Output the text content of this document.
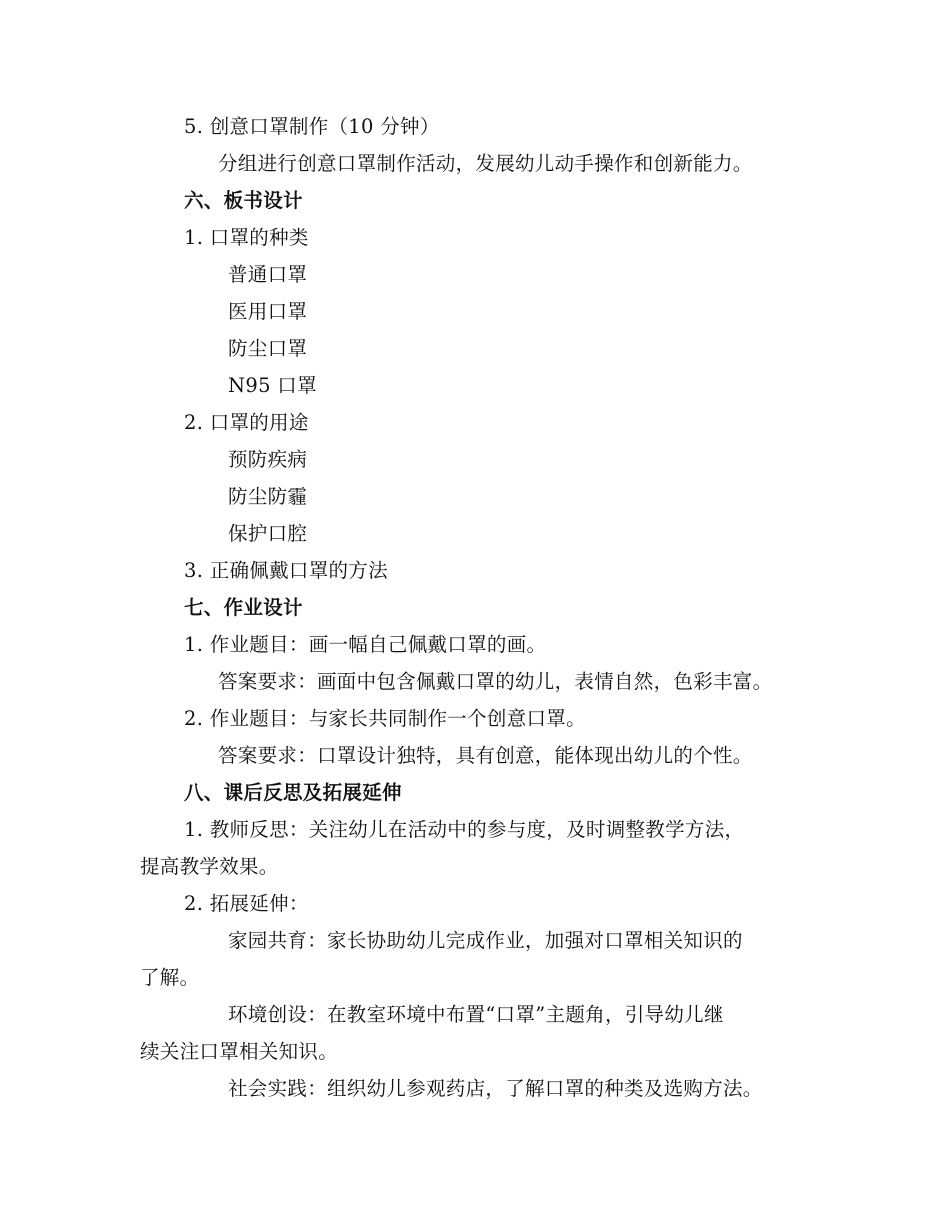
5. 创意口罩制作（10 分钟）
分组进行创意口罩制作活动，发展幼儿动手操作和创新能力。
六、板书设计
1. 口罩的种类
普通口罩
医用口罩
防尘口罩
N95 口罩
2. 口罩的用途
预防疾病
防尘防霾
保护口腔
3. 正确佩戴口罩的方法
七、作业设计
1. 作业题目：画一幅自己佩戴口罩的画。
答案要求：画面中包含佩戴口罩的幼儿，表情自然，色彩丰富。
2. 作业题目：与家长共同制作一个创意口罩。
答案要求：口罩设计独特，具有创意，能体现出幼儿的个性。
八、课后反思及拓展延伸
1. 教师反思：关注幼儿在活动中的参与度，及时调整教学方法，
提高教学效果。
2. 拓展延伸：
家园共育：家长协助幼儿完成作业，加强对口罩相关知识的
了解。
环境创设：在教室环境中布置“口罩”主题角，引导幼儿继
续关注口罩相关知识。
社会实践：组织幼儿参观药店，了解口罩的种类及选购方法。
